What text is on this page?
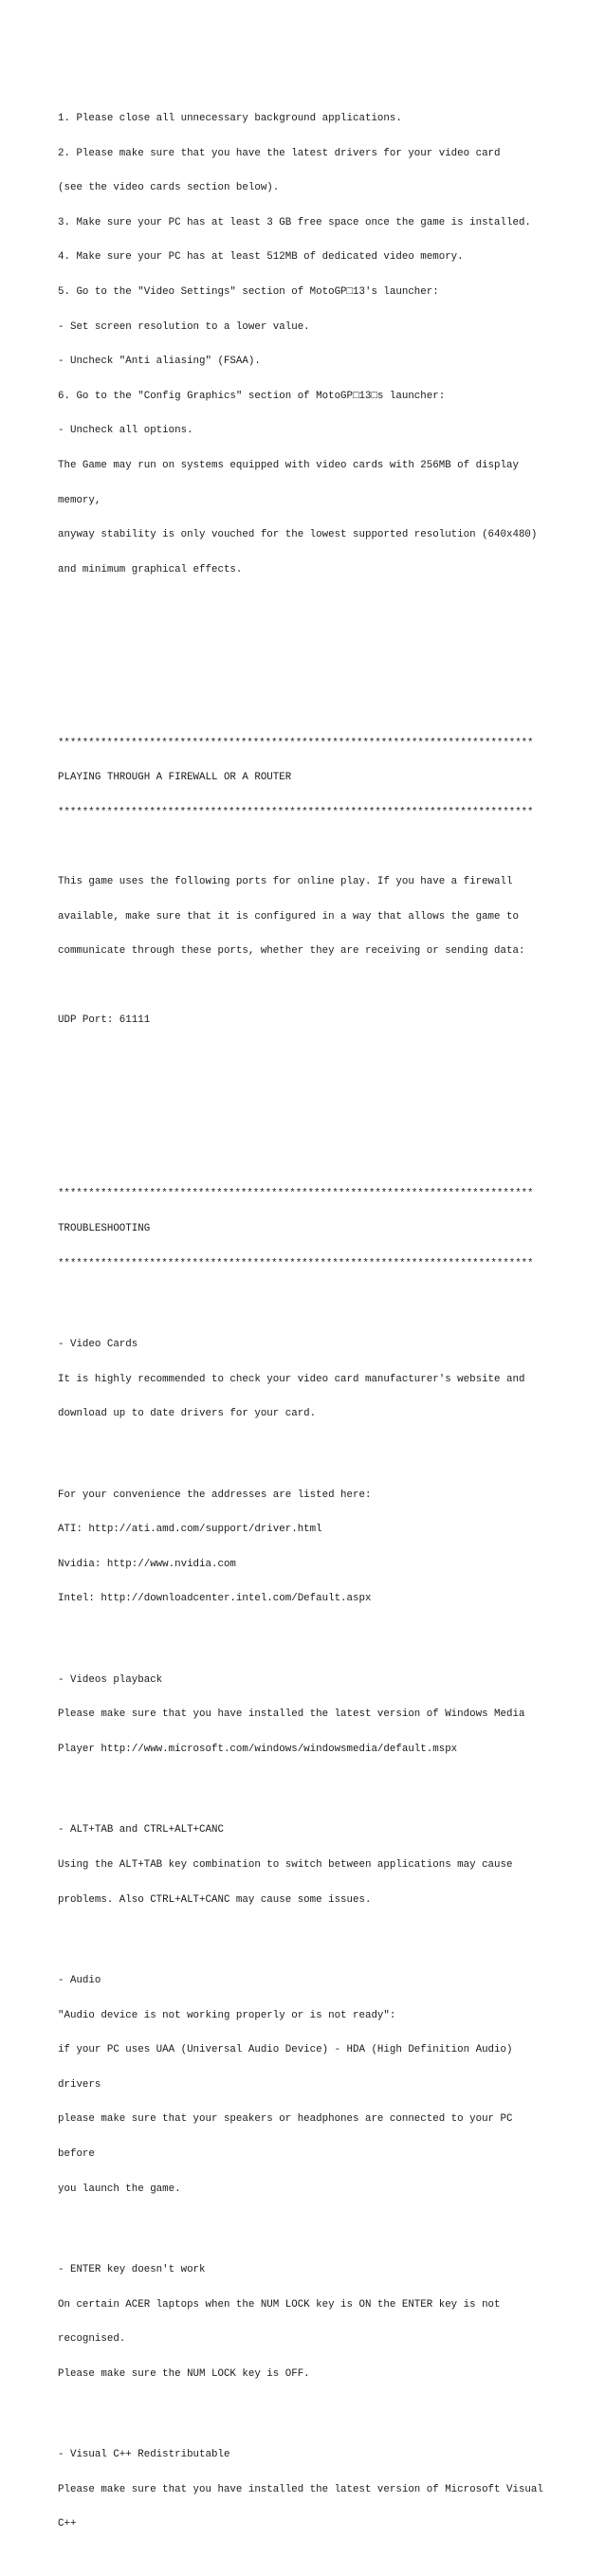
1. Please close all unnecessary background applications.

2. Please make sure that you have the latest drivers for your video card

(see the video cards section below).

3. Make sure your PC has at least 3 GB free space once the game is installed.

4. Make sure your PC has at least 512MB of dedicated video memory.

5. Go to the "Video Settings" section of MotoGP□13's launcher:

- Set screen resolution to a lower value.

- Uncheck "Anti aliasing" (FSAA).

6. Go to the "Config Graphics" section of MotoGP□13□s launcher:

- Uncheck all options.

The Game may run on systems equipped with video cards with 256MB of display

memory,

anyway stability is only vouched for the lowest supported resolution (640x480)

and minimum graphical effects.

******************************************************************************

PLAYING THROUGH A FIREWALL OR A ROUTER

******************************************************************************

This game uses the following ports for online play. If you have a firewall

available, make sure that it is configured in a way that allows the game to

communicate through these ports, whether they are receiving or sending data:

UDP Port: 61111

******************************************************************************

TROUBLESHOOTING

******************************************************************************

- Video Cards

It is highly recommended to check your video card manufacturer's website and

download up to date drivers for your card.

For your convenience the addresses are listed here:

ATI: http://ati.amd.com/support/driver.html

Nvidia: http://www.nvidia.com

Intel: http://downloadcenter.intel.com/Default.aspx

- Videos playback

Please make sure that you have installed the latest version of Windows Media

Player http://www.microsoft.com/windows/windowsmedia/default.mspx

- ALT+TAB and CTRL+ALT+CANC

Using the ALT+TAB key combination to switch between applications may cause

problems. Also CTRL+ALT+CANC may cause some issues.

- Audio

"Audio device is not working properly or is not ready":

if your PC uses UAA (Universal Audio Device) - HDA (High Definition Audio)

drivers

please make sure that your speakers or headphones are connected to your PC

before

you launch the game.

- ENTER key doesn't work

On certain ACER laptops when the NUM LOCK key is ON the ENTER key is not

recognised.

Please make sure the NUM LOCK key is OFF.

- Visual C++ Redistributable

Please make sure that you have installed the latest version of Microsoft Visual

C++
